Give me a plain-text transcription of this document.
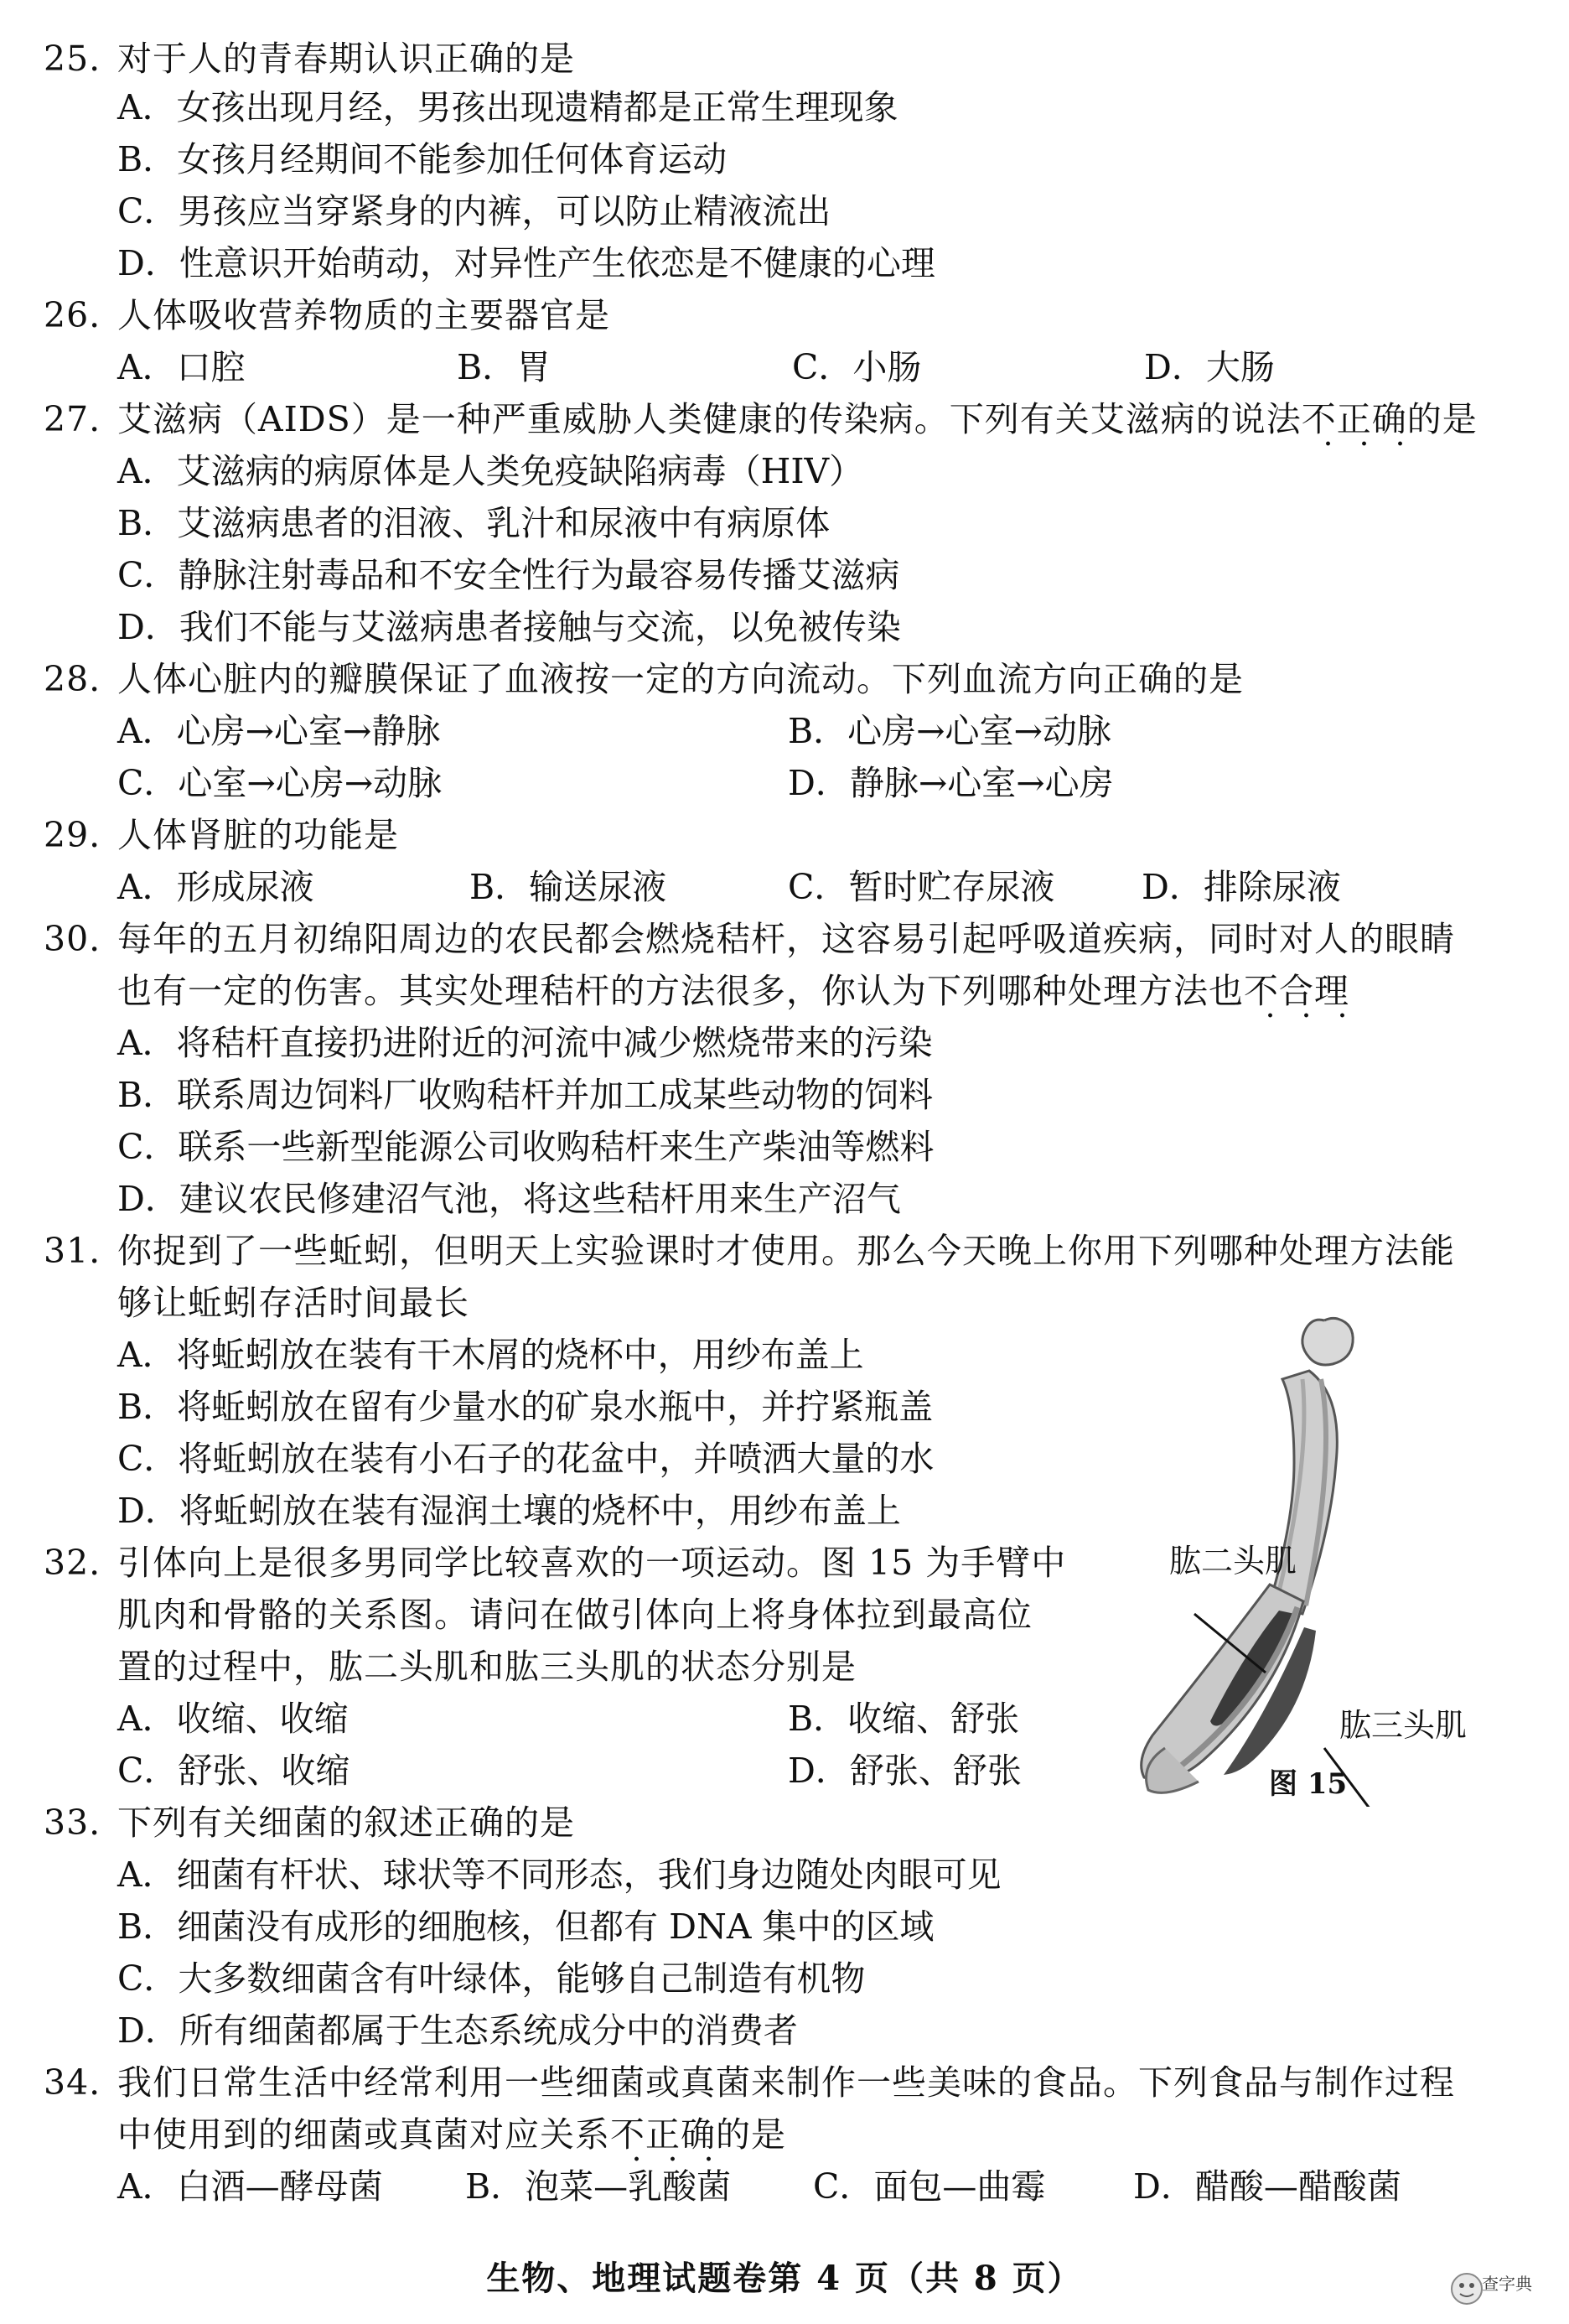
25. 对于人的青春期认识正确的是
A．女孩出现月经，男孩出现遗精都是正常生理现象
B．女孩月经期间不能参加任何体育运动
C．男孩应当穿紧身的内裤，可以防止精液流出
D．性意识开始萌动，对异性产生依恋是不健康的心理
26. 人体吸收营养物质的主要器官是
A．口腔	B．胃	C．小肠	D．大肠
27. 艾滋病（AIDS）是一种严重威胁人类健康的传染病。下列有关艾滋病的说法不正确的是
A．艾滋病的病原体是人类免疫缺陷病毒（HIV）
B．艾滋病患者的泪液、乳汁和尿液中有病原体
C．静脉注射毒品和不安全性行为最容易传播艾滋病
D．我们不能与艾滋病患者接触与交流，以免被传染
28. 人体心脏内的瓣膜保证了血液按一定的方向流动。下列血流方向正确的是
A．心房→心室→静脉	B．心房→心室→动脉
C．心室→心房→动脉	D．静脉→心室→心房
29. 人体肾脏的功能是
A．形成尿液	B．输送尿液	C．暂时贮存尿液	D．排除尿液
30. 每年的五月初绵阳周边的农民都会燃烧秸杆，这容易引起呼吸道疾病，同时对人的眼睛
也有一定的伤害。其实处理秸杆的方法很多，你认为下列哪种处理方法也不合理
A．将秸杆直接扔进附近的河流中减少燃烧带来的污染
B．联系周边饲料厂收购秸杆并加工成某些动物的饲料
C．联系一些新型能源公司收购秸杆来生产柴油等燃料
D．建议农民修建沼气池，将这些秸杆用来生产沼气
31. 你捉到了一些蚯蚓，但明天上实验课时才使用。那么今天晚上你用下列哪种处理方法能
够让蚯蚓存活时间最长
A．将蚯蚓放在装有干木屑的烧杯中，用纱布盖上
B．将蚯蚓放在留有少量水的矿泉水瓶中，并拧紧瓶盖
C．将蚯蚓放在装有小石子的花盆中，并喷洒大量的水
D．将蚯蚓放在装有湿润土壤的烧杯中，用纱布盖上
32. 引体向上是很多男同学比较喜欢的一项运动。图 15 为手臂中
肌肉和骨骼的关系图。请问在做引体向上将身体拉到最高位
置的过程中，肱二头肌和肱三头肌的状态分别是
A．收缩、收缩	B．收缩、舒张
C．舒张、收缩	D．舒张、舒张
肱二头肌
肱三头肌
图 15
33. 下列有关细菌的叙述正确的是
A．细菌有杆状、球状等不同形态，我们身边随处肉眼可见
B．细菌没有成形的细胞核，但都有 DNA 集中的区域
C．大多数细菌含有叶绿体，能够自己制造有机物
D．所有细菌都属于生态系统成分中的消费者
34. 我们日常生活中经常利用一些细菌或真菌来制作一些美味的食品。下列食品与制作过程
中使用到的细菌或真菌对应关系不正确的是
A．白酒—酵母菌 B．泡菜—乳酸菌 C．面包—曲霉	D．醋酸—醋酸菌
生物、地理试题卷第 4 页（共 8 页）	查字典
